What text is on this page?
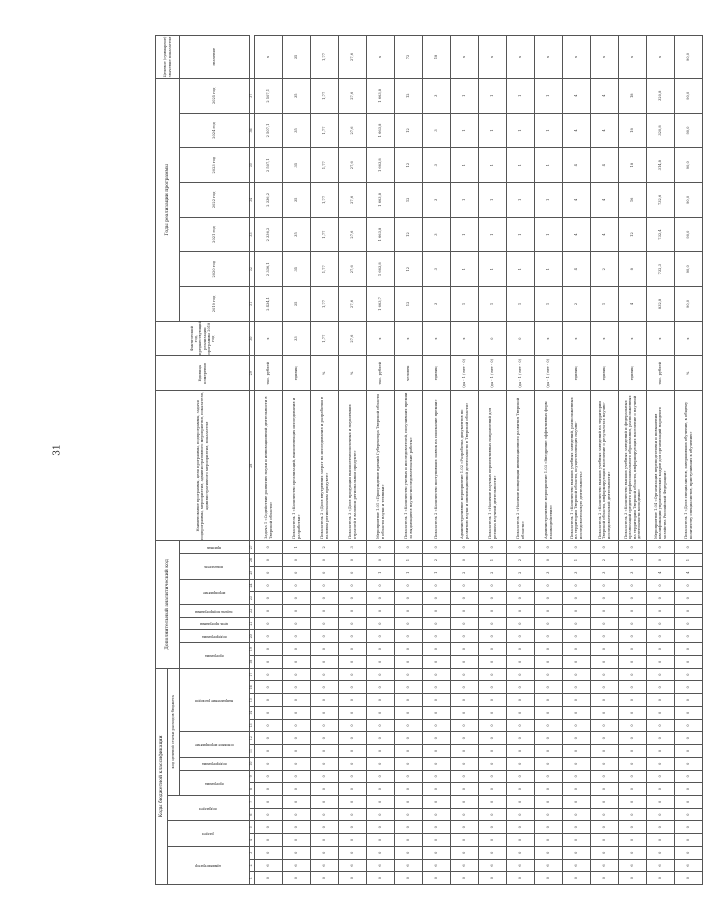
31
Коды бюджетной классификации																	Дополнительный аналитический код										Наименование программы, цели программы, подпрограммы, задачи подпрограммы, мероприятия, административного мероприятия, показателя, административного мероприятия, показателя	Единица измерения	Фактический год, предшествующий реализации программы 2018 год	Годы реализации программы							Целевое (суммарное) значение показателя
администратор			раздел		подраздел		код целевой статьи расходов бюджета																														
							программа		подпрограмма	основное мероприятие		направление расходов					программа		подпрограмма	цель программы	задача подпрограммы	мероприятие		показатель		признак				2019 год	2020 год	2021 год	2022 год	2023 год	2024 год	2025 год	значение
1	2	3	4	5	6	7	8	9	10	11	12	13	14	15	16	17	18	19	20	21	22	23	24	25	26	27	28	29	30	31	32	33	34	35	36	37	
0	6	0	0	0	0	0	0	0	0	0	0	0	0	0	0	0	0	0	0	0	0	0	0	0	0	0	Задача 1 «Содействие развитию науки и инновационной деятельности в Тверской области»	тыс. рублей	x	2 434,1	2 336,1	2 336,2	2 336,2	2 507,1	2 507,1	2 507,1	x
0	6	0	0	0	0	0	0	0	0	0	0	0	0	0	0	0	0	0	0	0	0	0	0	0	0	1	Показатель 1 «Количество организаций, выполняющих исследования и разработки»	единиц	33	35	35	35	35	35	35	35	35
0	6	0	0	0	0	0	0	0	0	0	0	0	0	0	0	0	0	0	0	0	0	0	0	0	0	2	Показатель 2 «Доля внутренних затрат на исследования и разработки в валовом региональном продукте»	%	1,77	1,77	1,77	1,77	1,77	1,77	1,77	1,77	1,77
0	6	0	0	0	0	0	0	0	0	0	0	0	0	0	0	0	0	0	0	0	0	0	0	0	0	3	Показатель 3 «Доля продукции высокотехнологичных и наукоемких отраслей в валовом региональном продукте»	%	27,6	27,6	27,6	27,6	27,6	27,6	27,6	27,6	27,6
0	6	0	0	0	0	0	0	0	0	0	0	0	0	0	0	0	0	0	0	0	0	0	0	1	0	0	Мероприятие 1.01 «Присуждение премий Губернатора Тверской области в области науки и техники»	тыс. рублей	x	1 663,7	1 663,8	1 663,8	1 663,8	1 663,8	1 663,8	1 663,8	x
0	6	0	0	0	0	0	0	0	0	0	0	0	0	0	0	0	0	0	0	0	0	0	0	1	1	0	Показатель 1 «Количество ученых и исследователей, получивших премии за выдающиеся научно-исследовательские работы»	человек	x	12	12	12	12	12	12	12	72
0	6	0	0	0	0	0	0	0	0	0	0	0	0	0	0	0	0	0	0	0	0	0	0	1	2	0	Показатель 2 «Количество поступивших заявок на соискание премии»	единиц	x	3	3	3	3	3	3	3	18
0	6	0	0	0	0	0	0	0	0	0	0	0	0	0	0	0	0	0	0	0	0	0	0	2	0	0	Административное мероприятие 1.02 «Разработка документов по развитию науки и инновационной деятельности в Тверской области»	(да - 1 / нет - 0)	x	1	1	1	1	1	1	1	x
0	6	0	0	0	0	0	0	0	0	0	0	0	0	0	0	0	0	0	0	0	0	0	0	2	1	0	Показатель 1 «Наличие научных перспективных направлений для региона научной деятельности»	(да - 1 / нет - 0)	0	1	1	1	1	1	1	1	x
0	6	0	0	0	0	0	0	0	0	0	0	0	0	0	0	0	0	0	0	0	0	0	0	2	2	0	Показатель 2 «Наличие концепции инновационного развития Тверской области»	(да - 1 / нет - 0)	0	1	1	1	1	1	1	1	x
0	6	0	0	0	0	0	0	0	0	0	0	0	0	0	0	0	0	0	0	0	0	0	0	3	0	0	Административное мероприятие 1.03 «Внедрение эффективных форм взаимодействия»	(да - 1 / нет - 0)	x	1	1	1	1	1	1	1	x
0	6	0	0	0	0	0	0	0	0	0	0	0	0	0	0	0	0	0	0	0	0	0	0	3	1	0	Показатель 1 «Количество высших учебных заведений, расположенных на территории Тверской области, осуществляющих научно-исследовательскую деятельность»	единиц	x	2	4	4	4	4	4	4	x
0	6	0	0	0	0	0	0	0	0	0	0	0	0	0	0	0	0	0	0	0	0	0	0	3	2	0	Показатель 2 «Количество высших учебных заведений на территории Тверской области, информирующих население о результатах научно-исследовательской деятельности»	единиц	x	1	2	4	4	4	4	4	x
0	6	0	0	0	0	0	0	0	0	0	0	0	0	0	0	0	0	0	0	0	0	0	0	3	3	0	Показатель 3 «Количество высших учебных заведений и федеральных организаций среднего профессионального образования, расположенных на территории Тверской области, информирующих население о научной деятельности молодежи»	единиц	x	4	8	12	16	18	18	18	x
0	6	0	0	0	0	0	0	0	0	0	0	0	0	0	0	0	0	0	0	0	0	0	0	4	0	0	Мероприятие 1.04 «Организация переподготовки и повышения квалификации управленческих кадров для организаций народного хозяйства Российской Федерации»	тыс. рублей	x	832,8	732,3	732,4	732,6	314,8	320,8	320,8	x
0	6	0	0	0	0	0	0	0	0	0	0	0	0	0	0	0	0	0	0	0	0	0	0	4	1	0	Показатель 1 «Доля специалистов, завершивших обучение, к общему количеству специалистов, приступивших к обучению»	%	x	90,0	90,0	90,0	90,0	90,0	90,0	90,0	90,0
